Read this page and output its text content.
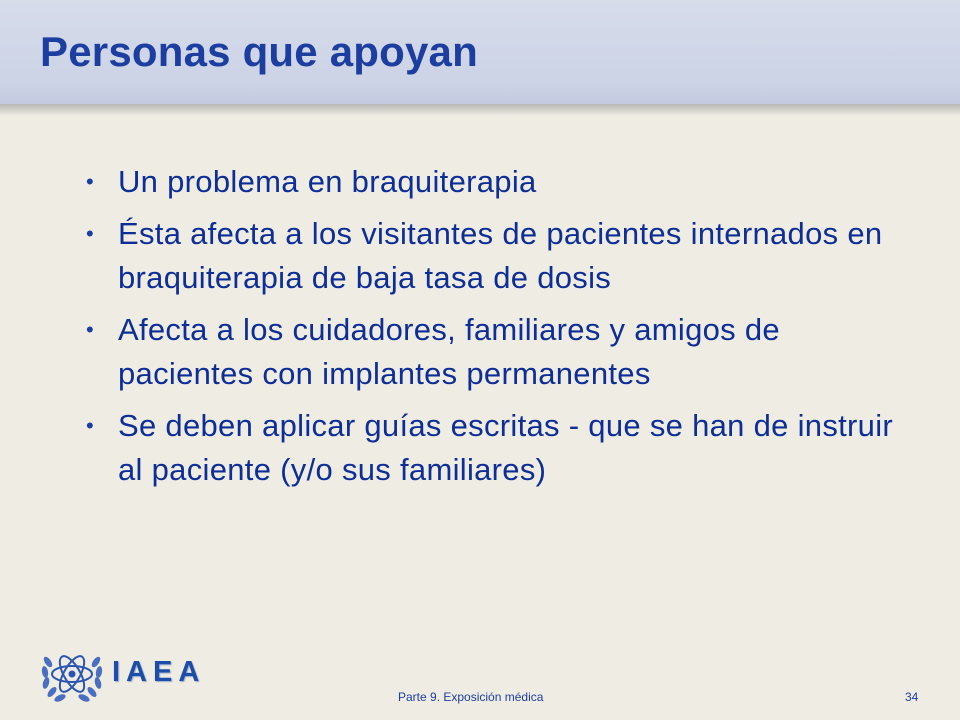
Personas que apoyan
• Un problema en braquiterapia
• Ésta afecta a los visitantes de pacientes internados en braquiterapia de baja tasa de dosis
• Afecta a los cuidadores, familiares y amigos de pacientes con implantes permanentes
• Se deben aplicar guías escritas - que se han de instruir al paciente (y/o sus familiares)
IAEA
Parte 9. Exposición médica	34
